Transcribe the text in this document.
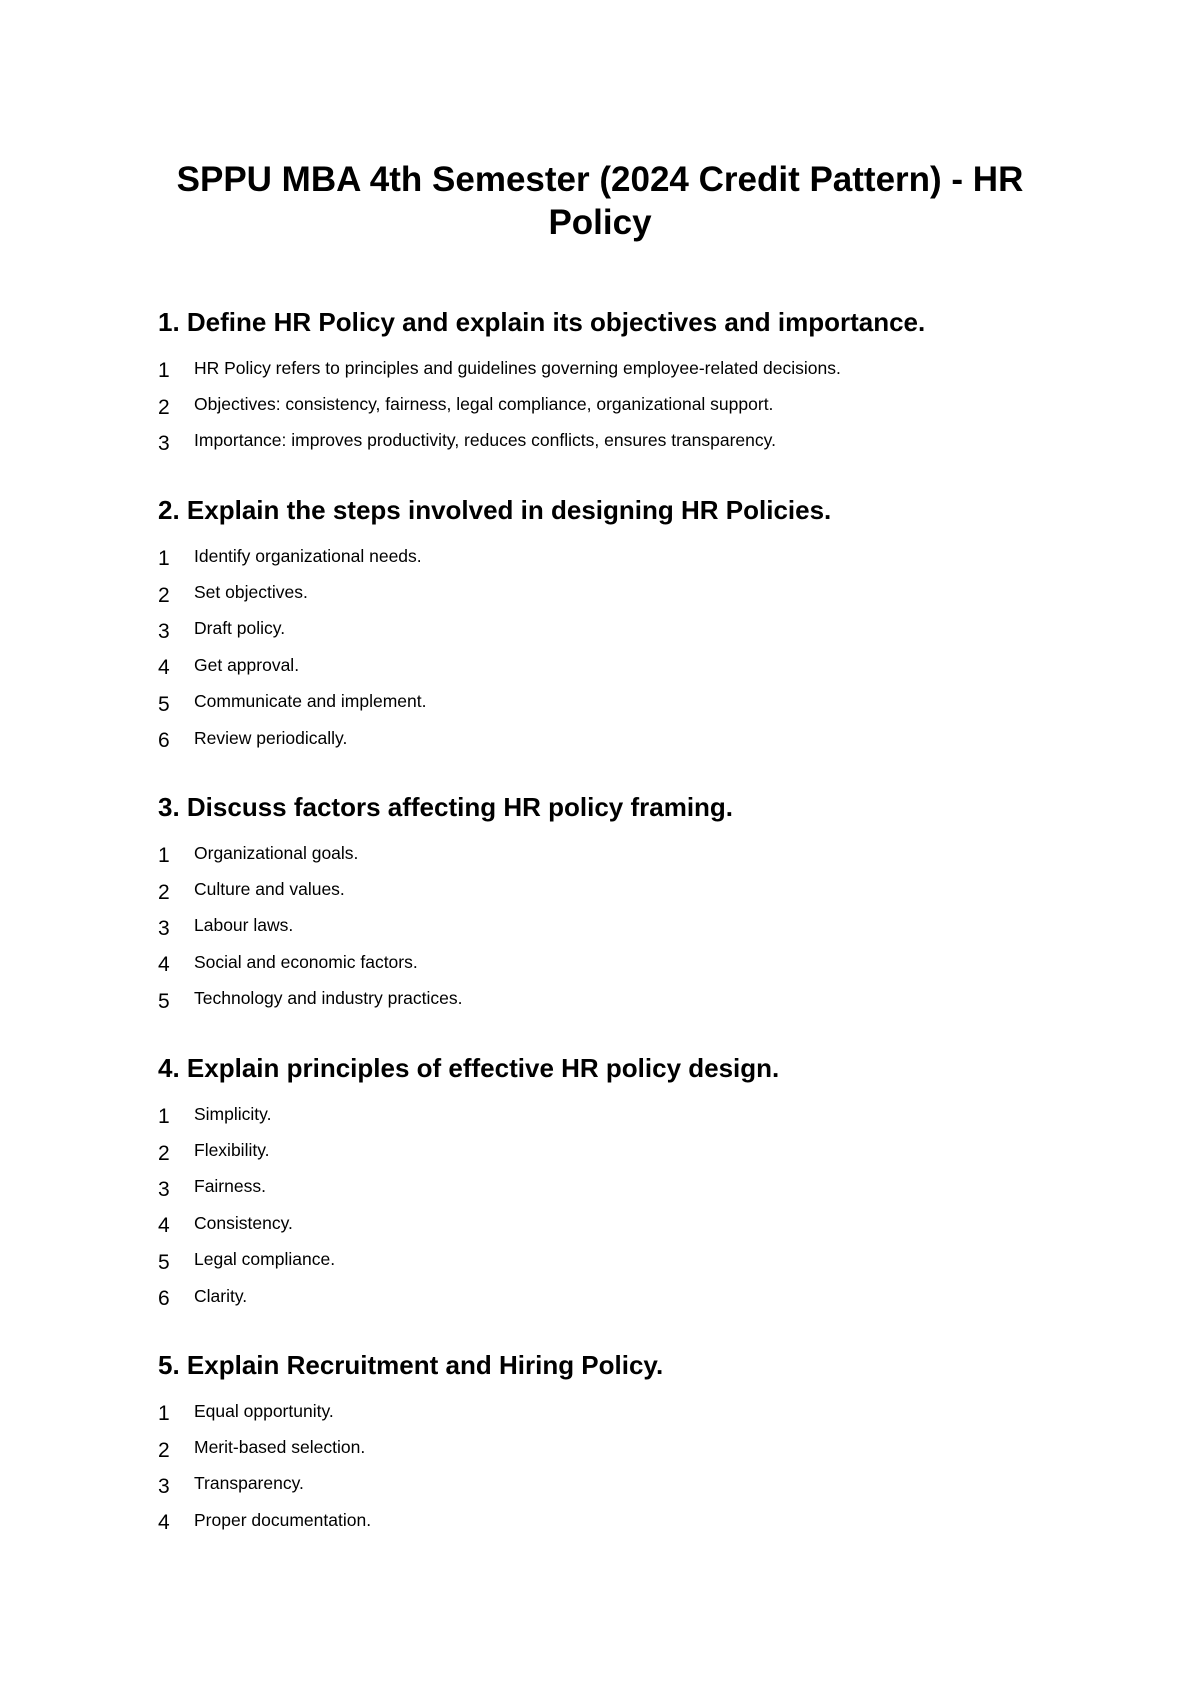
SPPU MBA 4th Semester (2024 Credit Pattern) - HR Policy
1. Define HR Policy and explain its objectives and importance.
1	HR Policy refers to principles and guidelines governing employee-related decisions.
2	Objectives: consistency, fairness, legal compliance, organizational support.
3	Importance: improves productivity, reduces conflicts, ensures transparency.
2. Explain the steps involved in designing HR Policies.
1	Identify organizational needs.
2	Set objectives.
3	Draft policy.
4	Get approval.
5	Communicate and implement.
6	Review periodically.
3. Discuss factors affecting HR policy framing.
1	Organizational goals.
2	Culture and values.
3	Labour laws.
4	Social and economic factors.
5	Technology and industry practices.
4. Explain principles of effective HR policy design.
1	Simplicity.
2	Flexibility.
3	Fairness.
4	Consistency.
5	Legal compliance.
6	Clarity.
5. Explain Recruitment and Hiring Policy.
1	Equal opportunity.
2	Merit-based selection.
3	Transparency.
4	Proper documentation.
